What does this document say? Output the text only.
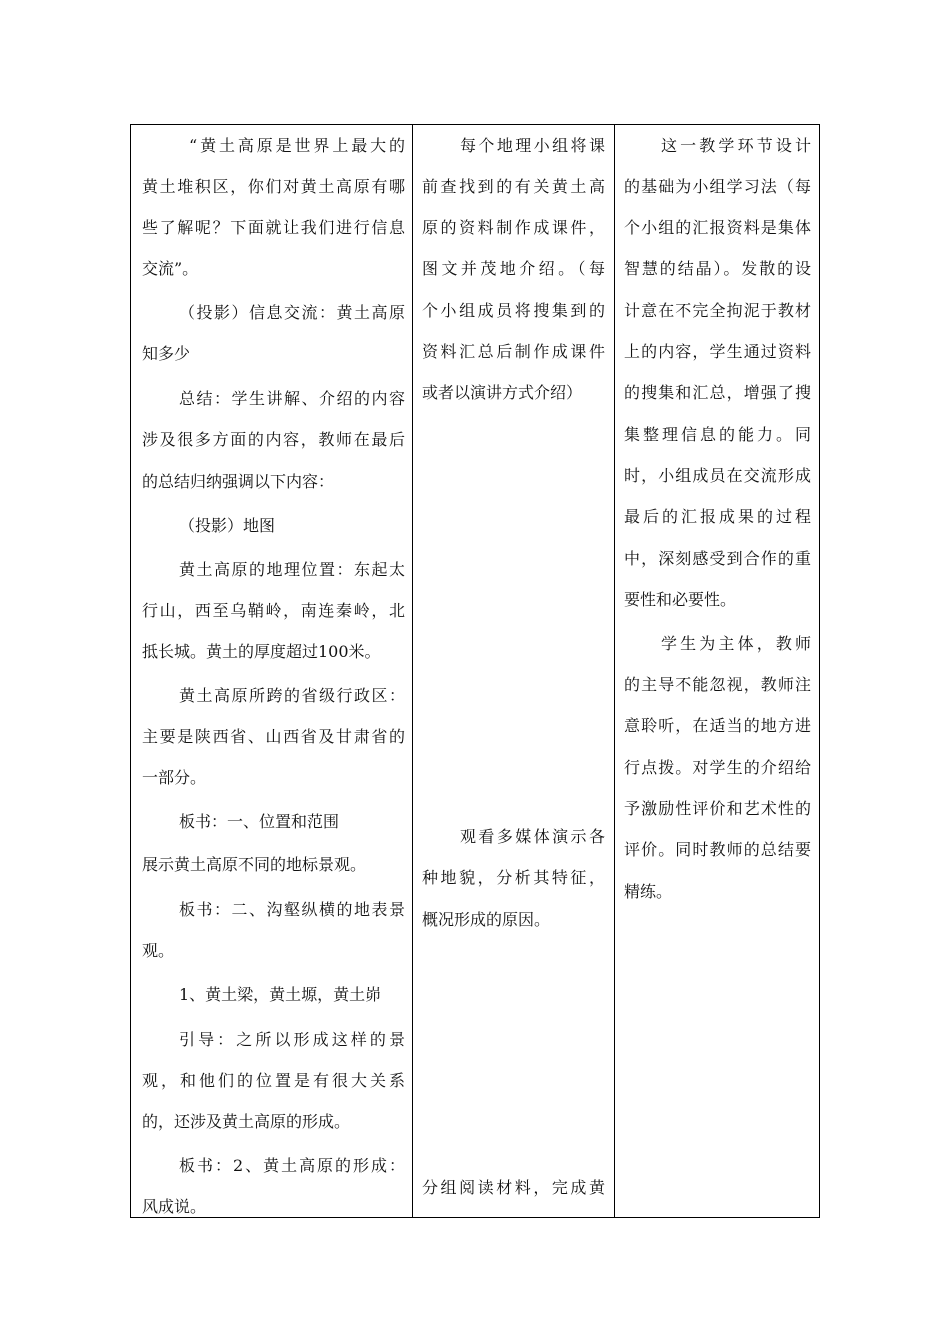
“黄土高原是世界上最大的
黄土堆积区，你们对黄土高原有哪
些了解呢？下面就让我们进行信息
交流”。
（投影）信息交流：黄土高原
知多少
总结：学生讲解、介绍的内容
涉及很多方面的内容，教师在最后
的总结归纳强调以下内容：
（投影）地图
黄土高原的地理位置：东起太
行山，西至乌鞘岭，南连秦岭，北
抵长城。黄土的厚度超过100米。
黄土高原所跨的省级行政区：
主要是陕西省、山西省及甘肃省的
一部分。
板书：一、位置和范围
展示黄土高原不同的地标景观。
板书：二、沟壑纵横的地表景
观。
1、黄土梁，黄土塬，黄土峁
引导：之所以形成这样的景
观，和他们的位置是有很大关系
的，还涉及黄土高原的形成。
板书：2、黄土高原的形成：
风成说。
每个地理小组将课
前查找到的有关黄土高
原的资料制作成课件，
图文并茂地介绍。（每
个小组成员将搜集到的
资料汇总后制作成课件
或者以演讲方式介绍）
观看多媒体演示各
种地貌，分析其特征，
概况形成的原因。
分组阅读材料，完成黄
这一教学环节设计
的基础为小组学习法（每
个小组的汇报资料是集体
智慧的结晶）。发散的设
计意在不完全拘泥于教材
上的内容，学生通过资料
的搜集和汇总，增强了搜
集整理信息的能力。同
时，小组成员在交流形成
最后的汇报成果的过程
中，深刻感受到合作的重
要性和必要性。
学生为主体，教师
的主导不能忽视，教师注
意聆听，在适当的地方进
行点拨。对学生的介绍给
予激励性评价和艺术性的
评价。同时教师的总结要
精练。
